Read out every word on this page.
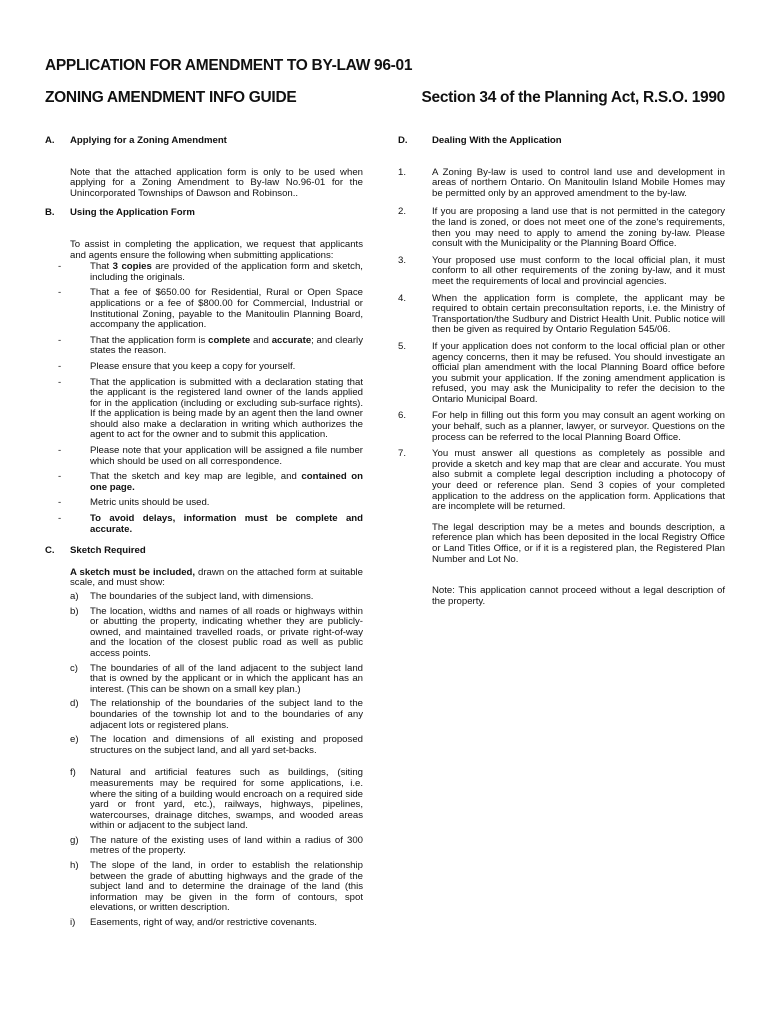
APPLICATION FOR AMENDMENT TO BY-LAW 96-01
ZONING AMENDMENT INFO GUIDE	Section 34 of the Planning Act, R.S.O. 1990
A.	Applying for a Zoning Amendment
Note that the attached application form is only to be used when applying for a Zoning Amendment to By-law No.96-01 for the Unincorporated Townships of Dawson and Robinson..
B.	Using the Application Form
To assist in completing the application, we request that applicants and agents ensure the following when submitting applications:
-	That 3 copies are provided of the application form and sketch, including the originals.
-	That a fee of $650.00 for Residential, Rural or Open Space applications or a fee of $800.00 for Commercial, Industrial or Institutional Zoning, payable to the Manitoulin Planning Board, accompany the application.
-	That the application form is complete and accurate; and clearly states the reason.
-	Please ensure that you keep a copy for yourself.
-	That the application is submitted with a declaration stating that the applicant is the registered land owner of the lands applied for in the application (including or excluding sub-surface rights). If the application is being made by an agent then the land owner should also make a declaration in writing which authorizes the agent to act for the owner and to submit this application.
-	Please note that your application will be assigned a file number which should be used on all correspondence.
-	That the sketch and key map are legible, and contained on one page.
-	Metric units should be used.
-	To avoid delays, information must be complete and accurate.
C.	Sketch Required
A sketch must be included, drawn on the attached form at suitable scale, and must show:
a)	The boundaries of the subject land, with dimensions.
b)	The location, widths and names of all roads or highways within or abutting the property, indicating whether they are publicly-owned, and maintained travelled roads, or private right-of-way and the location of the closest public road as well as public access points.
c)	The boundaries of all of the land adjacent to the subject land that is owned by the applicant or in which the applicant has an interest. (This can be shown on a small key plan.)
d)	The relationship of the boundaries of the subject land to the boundaries of the township lot and to the boundaries of any adjacent lots or registered plans.
e)	The location and dimensions of all existing and proposed structures on the subject land, and all yard set-backs.
f)	Natural and artificial features such as buildings, (siting measurements may be required for some applications, i.e. where the siting of a building would encroach on a required side yard or front yard, etc.), railways, highways, pipelines, watercourses, drainage ditches, swamps, and wooded areas within or adjacent to the subject land.
g)	The nature of the existing uses of land within a radius of 300 metres of the property.
h)	The slope of the land, in order to establish the relationship between the grade of abutting highways and the grade of the subject land and to determine the drainage of the land (this information may be given in the form of contours, spot elevations, or written description.
i)	Easements, right of way, and/or restrictive covenants.
D.	Dealing With the Application
1.	A Zoning By-law is used to control land use and development in areas of northern Ontario. On Manitoulin Island Mobile Homes may be permitted only by an approved amendment to the by-law.
2.	If you are proposing a land use that is not permitted in the category the land is zoned, or does not meet one of the zone's requirements, then you may need to apply to amend the zoning by-law. Please consult with the Municipality or the Planning Board Office.
3.	Your proposed use must conform to the local official plan, it must conform to all other requirements of the zoning by-law, and it must meet the requirements of local and provincial agencies.
4.	When the application form is complete, the applicant may be required to obtain certain preconsultation reports, i.e. the Ministry of Transportation/the Sudbury and District Health Unit. Public notice will then be given as required by Ontario Regulation 545/06.
5.	If your application does not conform to the local official plan or other agency concerns, then it may be refused. You should investigate an official plan amendment with the local Planning Board office before you submit your application. If the zoning amendment application is refused, you may ask the Municipality to refer the decision to the Ontario Municipal Board.
6.	For help in filling out this form you may consult an agent working on your behalf, such as a planner, lawyer, or surveyor. Questions on the process can be referred to the local Planning Board Office.
7.	You must answer all questions as completely as possible and provide a sketch and key map that are clear and accurate. You must also submit a complete legal description including a photocopy of your deed or reference plan. Send 3 copies of your completed application to the address on the application form. Applications that are incomplete will be returned.
The legal description may be a metes and bounds description, a reference plan which has been deposited in the local Registry Office or Land Titles Office, or if it is a registered plan, the Registered Plan Number and Lot No.
Note: This application cannot proceed without a legal description of the property.
